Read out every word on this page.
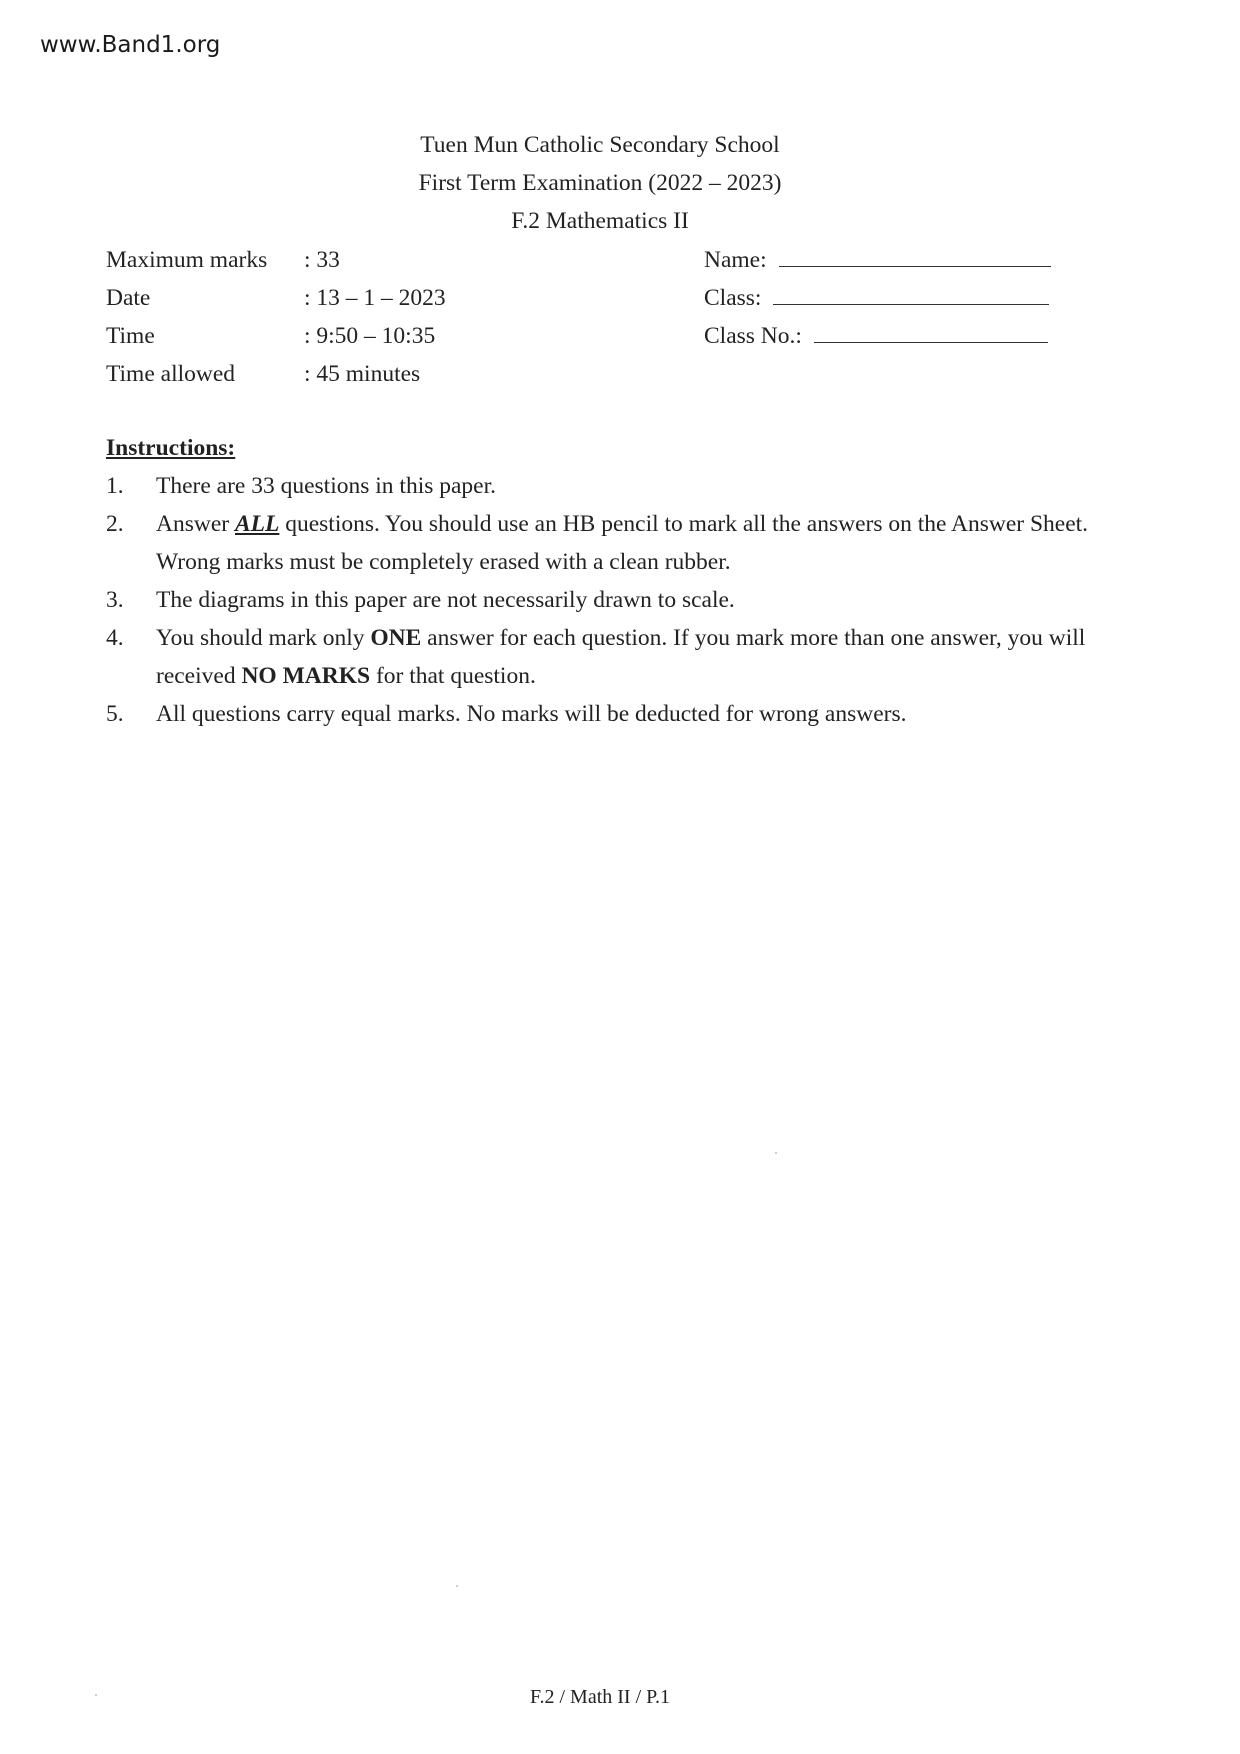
www.Band1.org
Tuen Mun Catholic Secondary School
First Term Examination (2022 – 2023)
F.2 Mathematics II
Maximum marks	: 33
Date	: 13 – 1 – 2023
Time	: 9:50 – 10:35
Time allowed	: 45 minutes
Name:
Class:
Class No.:
Instructions:
1.	There are 33 questions in this paper.
2.	Answer ALL questions. You should use an HB pencil to mark all the answers on the Answer Sheet. Wrong marks must be completely erased with a clean rubber.
3.	The diagrams in this paper are not necessarily drawn to scale.
4.	You should mark only ONE answer for each question. If you mark more than one answer, you will received NO MARKS for that question.
5.	All questions carry equal marks. No marks will be deducted for wrong answers.
F.2 / Math II / P.1
